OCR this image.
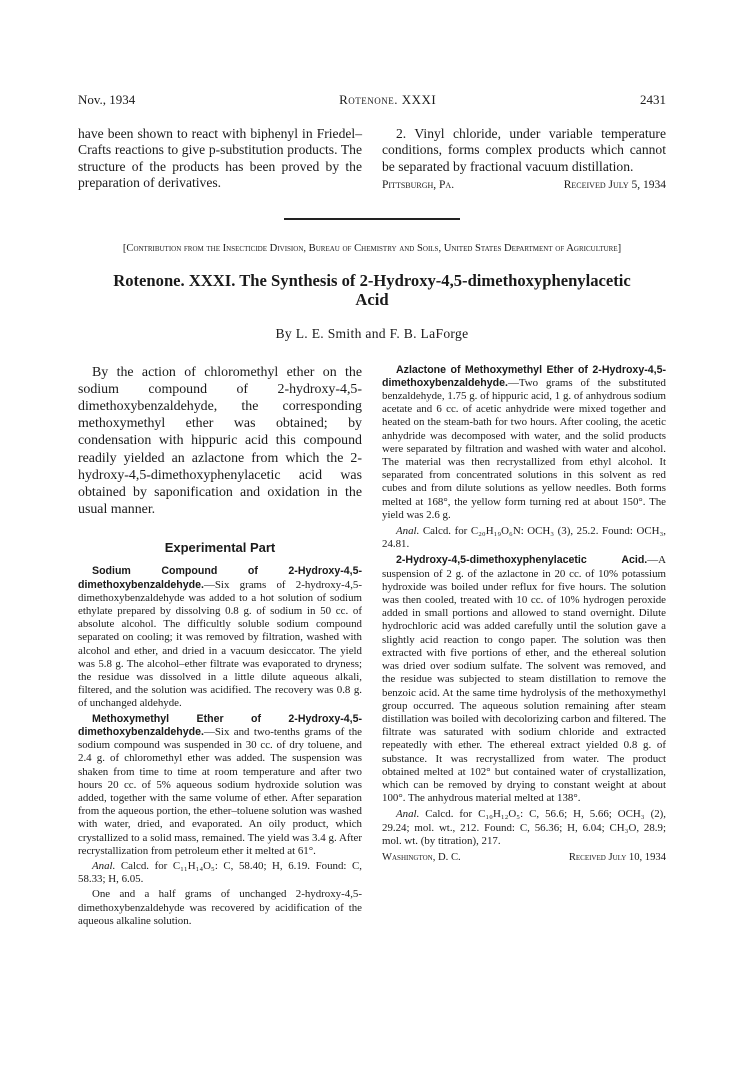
Nov., 1934	Rotenone. XXXI	2431

have been shown to react with biphenyl in Friedel–Crafts reactions to give p-substitution products. The structure of the products has been proved by the preparation of derivatives.

2. Vinyl chloride, under variable temperature conditions, forms complex products which cannot be separated by fractional vacuum distillation.

Pittsburgh, Pa.	Received July 5, 1934
[Contribution from the Insecticide Division, Bureau of Chemistry and Soils, United States Department of Agriculture]
Rotenone. XXXI. The Synthesis of 2-Hydroxy-4,5-dimethoxyphenylacetic Acid
By L. E. Smith and F. B. LaForge

By the action of chloromethyl ether on the sodium compound of 2-hydroxy-4,5-dimethoxybenzaldehyde, the corresponding methoxymethyl ether was obtained; by condensation with hippuric acid this compound readily yielded an azlactone from which the 2-hydroxy-4,5-dimethoxyphenylacetic acid was obtained by saponification and oxidation in the usual manner.

Experimental Part

Sodium Compound of 2-Hydroxy-4,5-dimethoxybenzaldehyde.—Six grams of 2-hydroxy-4,5-dimethoxybenzaldehyde was added to a hot solution of sodium ethylate prepared by dissolving 0.8 g. of sodium in 50 cc. of absolute alcohol. The difficultly soluble sodium compound separated on cooling; it was removed by filtration, washed with alcohol and ether, and dried in a vacuum desiccator. The yield was 5.8 g. The alcohol–ether filtrate was evaporated to dryness; the residue was dissolved in a little dilute aqueous alkali, filtered, and the solution was acidified. The recovery was 0.8 g. of unchanged aldehyde.

Methoxymethyl Ether of 2-Hydroxy-4,5-dimethoxybenzaldehyde.—Six and two-tenths grams of the sodium compound was suspended in 30 cc. of dry toluene, and 2.4 g. of chloromethyl ether was added. The suspension was shaken from time to time at room temperature and after two hours 20 cc. of 5% aqueous sodium hydroxide solution was added, together with the same volume of ether. After separation from the aqueous portion, the ether–toluene solution was washed with water, dried, and evaporated. An oily product, which crystallized to a solid mass, remained. The yield was 3.4 g. After recrystallization from petroleum ether it melted at 61°.

Anal. Calcd. for C₁₁H₁₄O₅: C, 58.40; H, 6.19. Found: C, 58.33; H, 6.05.

One and a half grams of unchanged 2-hydroxy-4,5-dimethoxybenzaldehyde was recovered by acidification of the aqueous alkaline solution.

Azlactone of Methoxymethyl Ether of 2-Hydroxy-4,5-dimethoxybenzaldehyde.—Two grams of the substituted benzaldehyde, 1.75 g. of hippuric acid, 1 g. of anhydrous sodium acetate and 6 cc. of acetic anhydride were mixed together and heated on the steam-bath for two hours. After cooling, the acetic anhydride was decomposed with water, and the solid products were separated by filtration and washed with water and alcohol. The material was then recrystallized from ethyl alcohol. It separated from concentrated solutions in this solvent as red cubes and from dilute solutions as yellow needles. Both forms melted at 168°, the yellow form turning red at about 150°. The yield was 2.6 g.

Anal. Calcd. for C₂₀H₁₉O₆N: OCH₃ (3), 25.2. Found: OCH₃, 24.81.

2-Hydroxy-4,5-dimethoxyphenylacetic Acid.—A suspension of 2 g. of the azlactone in 20 cc. of 10% potassium hydroxide was boiled under reflux for five hours. The solution was then cooled, treated with 10 cc. of 10% hydrogen peroxide added in small portions and allowed to stand overnight. Dilute hydrochloric acid was added carefully until the solution gave a slightly acid reaction to congo paper. The solution was then extracted with five portions of ether, and the ethereal solution was dried over sodium sulfate. The solvent was removed, and the residue was subjected to steam distillation to remove the benzoic acid. At the same time hydrolysis of the methoxymethyl group occurred. The aqueous solution remaining after steam distillation was boiled with decolorizing carbon and filtered. The filtrate was saturated with sodium chloride and extracted repeatedly with ether. The ethereal extract yielded 0.8 g. of substance. It was recrystallized from water. The product obtained melted at 102° but contained water of crystallization, which can be removed by drying to constant weight at about 100°. The anhydrous material melted at 138°.

Anal. Calcd. for C₁₀H₁₂O₅: C, 56.6; H, 5.66; OCH₃ (2), 29.24; mol. wt., 212. Found: C, 56.36; H, 6.04; CH₃O, 28.9; mol. wt. (by titration), 217.

Washington, D. C.	Received July 10, 1934
